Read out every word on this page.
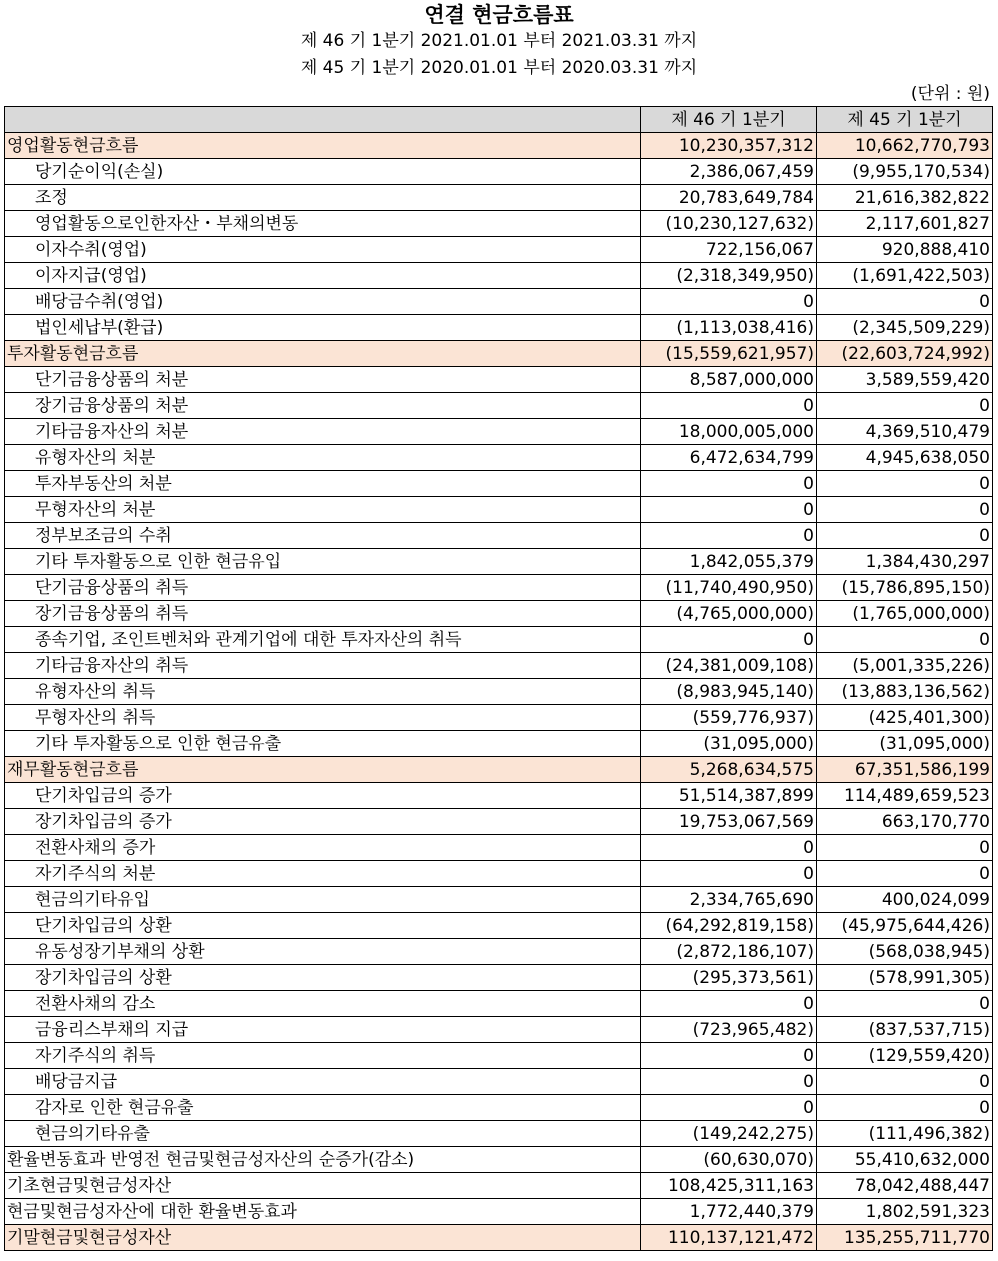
연결 현금흐름표
제 46 기 1분기 2021.01.01 부터 2021.03.31 까지
제 45 기 1분기 2020.01.01 부터 2020.03.31 까지
(단위 : 원)
	제 46 기 1분기	제 45 기 1분기
영업활동현금흐름	10,230,357,312	10,662,770,793
당기순이익(손실)	2,386,067,459	(9,955,170,534)
조정	20,783,649,784	21,616,382,822
영업활동으로인한자산・부채의변동	(10,230,127,632)	2,117,601,827
이자수취(영업)	722,156,067	920,888,410
이자지급(영업)	(2,318,349,950)	(1,691,422,503)
배당금수취(영업)	0	0
법인세납부(환급)	(1,113,038,416)	(2,345,509,229)
투자활동현금흐름	(15,559,621,957)	(22,603,724,992)
단기금융상품의 처분	8,587,000,000	3,589,559,420
장기금융상품의 처분	0	0
기타금융자산의 처분	18,000,005,000	4,369,510,479
유형자산의 처분	6,472,634,799	4,945,638,050
투자부동산의 처분	0	0
무형자산의 처분	0	0
정부보조금의 수취	0	0
기타 투자활동으로 인한 현금유입	1,842,055,379	1,384,430,297
단기금융상품의 취득	(11,740,490,950)	(15,786,895,150)
장기금융상품의 취득	(4,765,000,000)	(1,765,000,000)
종속기업, 조인트벤처와 관계기업에 대한 투자자산의 취득	0	0
기타금융자산의 취득	(24,381,009,108)	(5,001,335,226)
유형자산의 취득	(8,983,945,140)	(13,883,136,562)
무형자산의 취득	(559,776,937)	(425,401,300)
기타 투자활동으로 인한 현금유출	(31,095,000)	(31,095,000)
재무활동현금흐름	5,268,634,575	67,351,586,199
단기차입금의 증가	51,514,387,899	114,489,659,523
장기차입금의 증가	19,753,067,569	663,170,770
전환사채의 증가	0	0
자기주식의 처분	0	0
현금의기타유입	2,334,765,690	400,024,099
단기차입금의 상환	(64,292,819,158)	(45,975,644,426)
유동성장기부채의 상환	(2,872,186,107)	(568,038,945)
장기차입금의 상환	(295,373,561)	(578,991,305)
전환사채의 감소	0	0
금융리스부채의 지급	(723,965,482)	(837,537,715)
자기주식의 취득	0	(129,559,420)
배당금지급	0	0
감자로 인한 현금유출	0	0
현금의기타유출	(149,242,275)	(111,496,382)
환율변동효과 반영전 현금및현금성자산의 순증가(감소)	(60,630,070)	55,410,632,000
기초현금및현금성자산	108,425,311,163	78,042,488,447
현금및현금성자산에 대한 환율변동효과	1,772,440,379	1,802,591,323
기말현금및현금성자산	110,137,121,472	135,255,711,770
